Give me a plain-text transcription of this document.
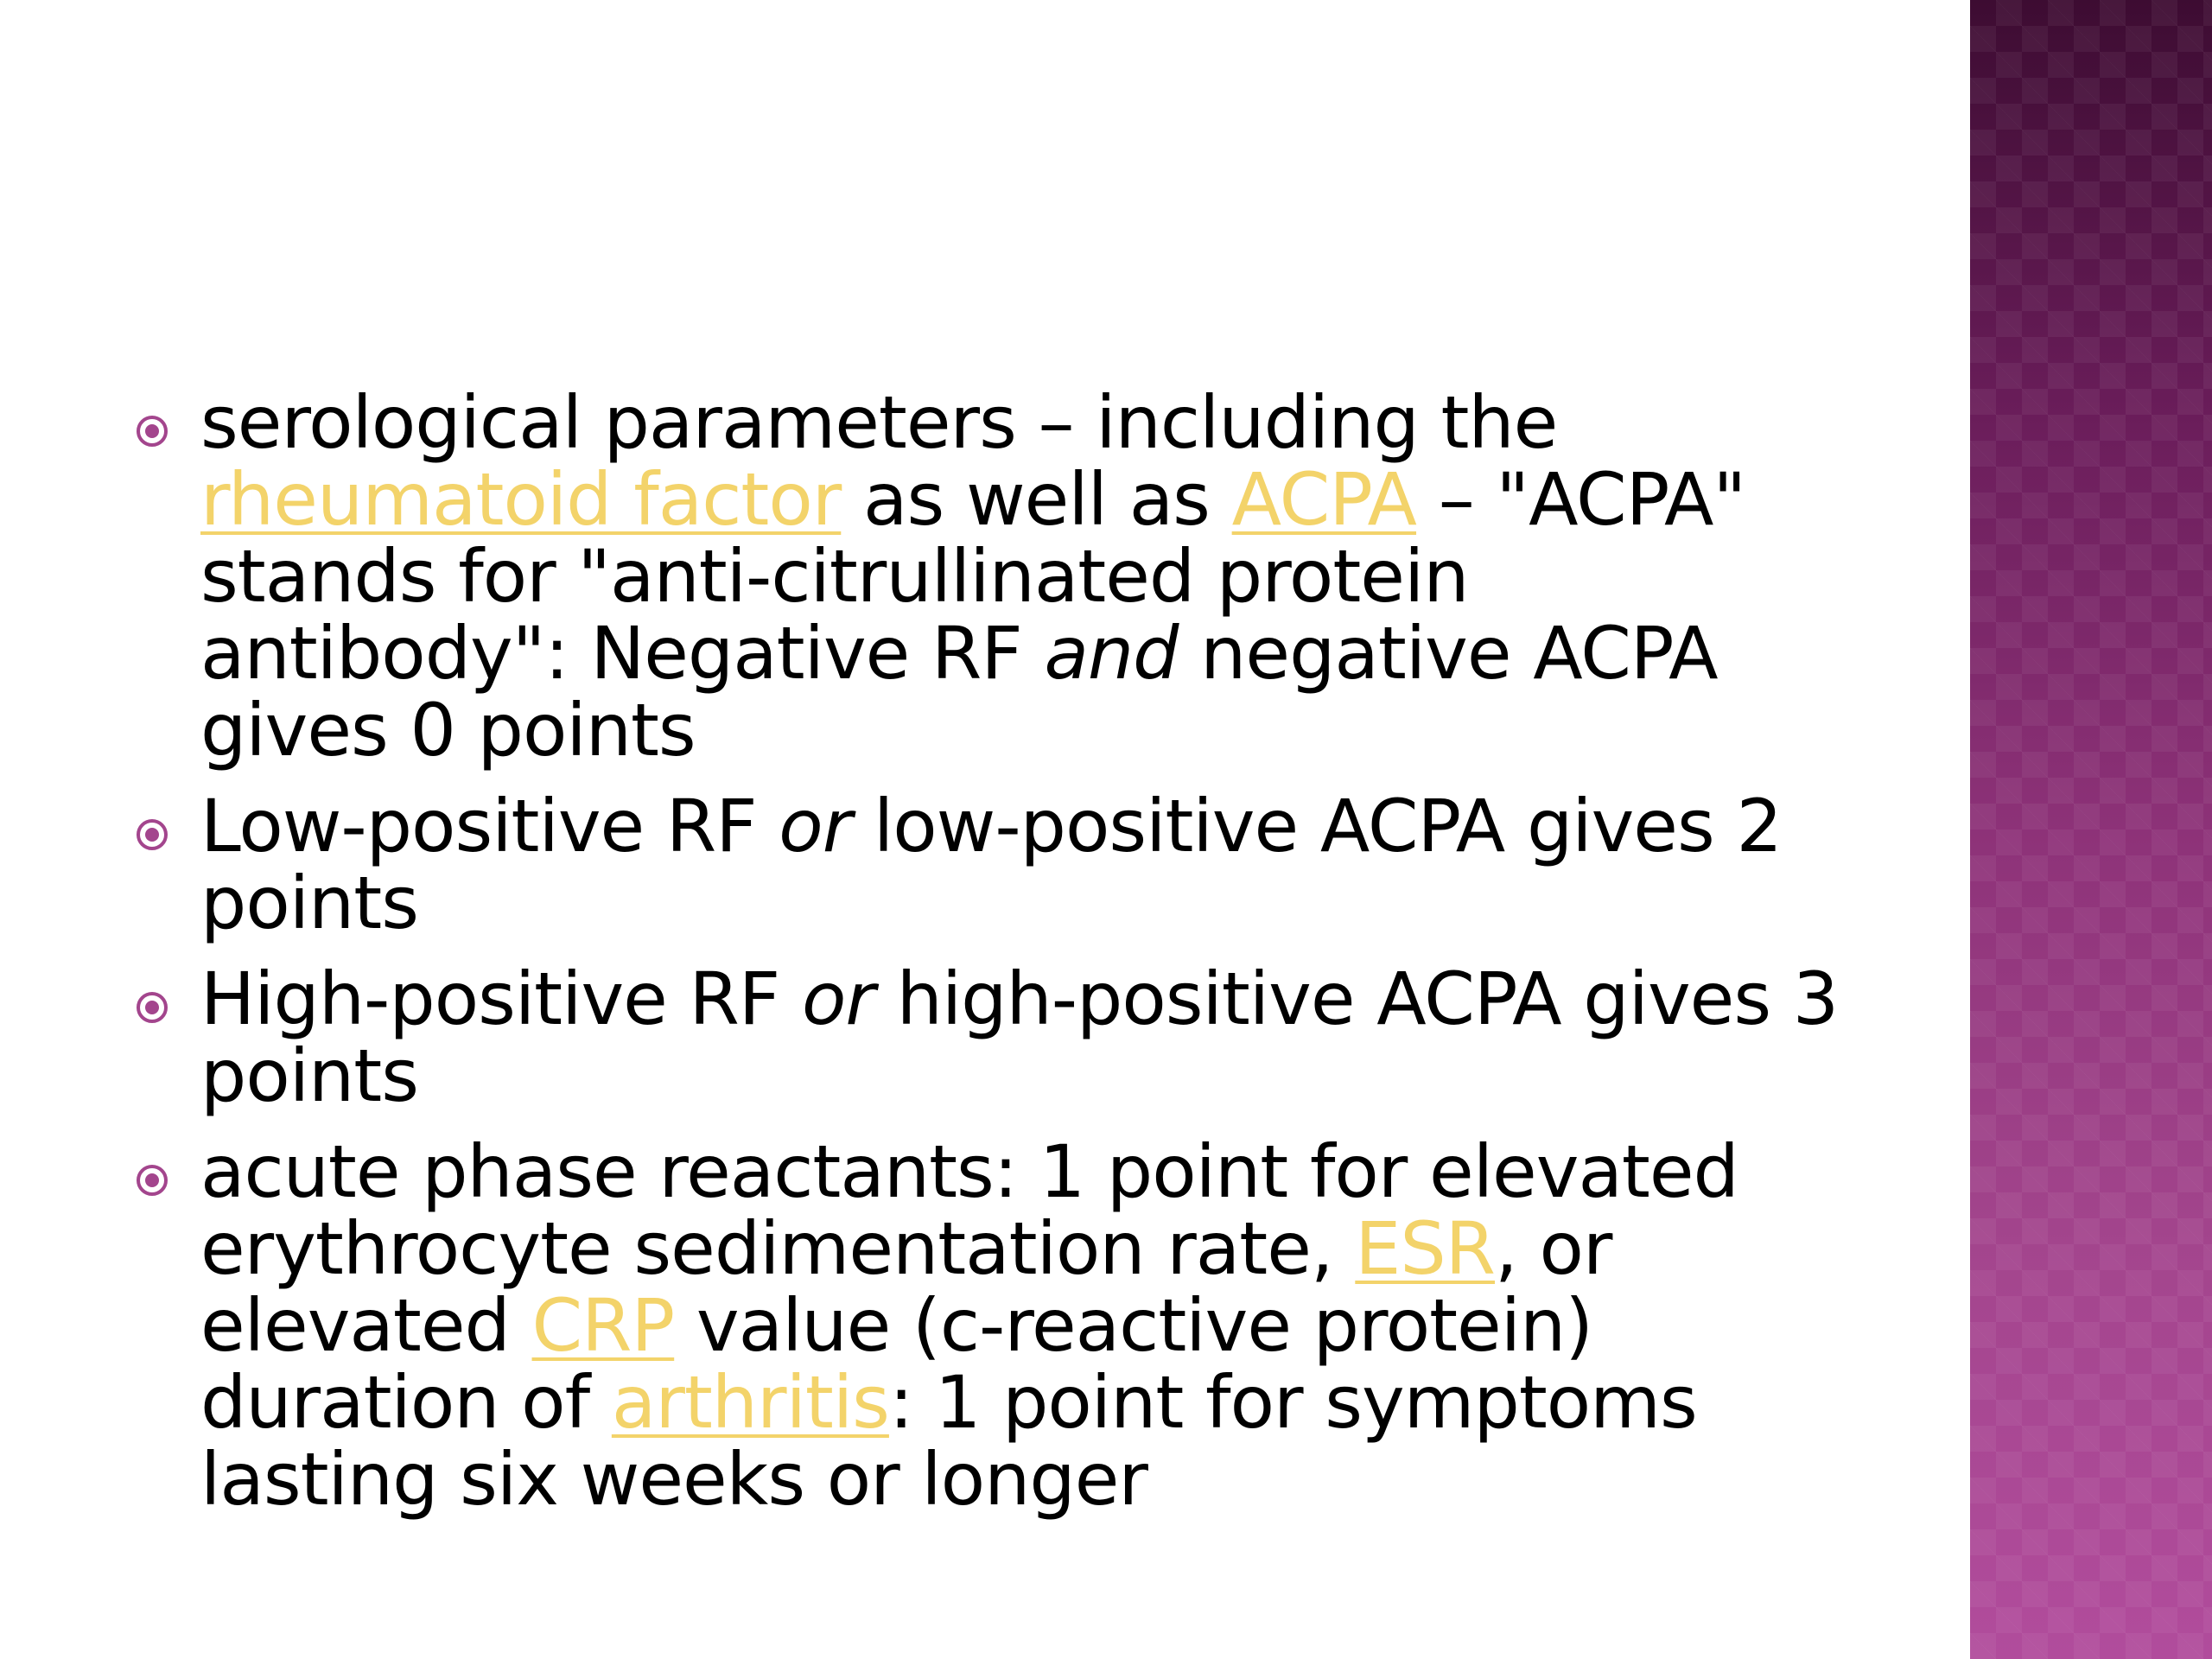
serological parameters – including the rheumatoid factor as well as ACPA – "ACPA" stands for "anti-citrullinated protein antibody": Negative RF and negative ACPA gives 0 points
Low-positive RF or low-positive ACPA gives 2 points
High-positive RF or high-positive ACPA gives 3 points
acute phase reactants: 1 point for elevated erythrocyte sedimentation rate, ESR, or elevated CRP value (c-reactive protein) duration of arthritis: 1 point for symptoms lasting six weeks or longer
